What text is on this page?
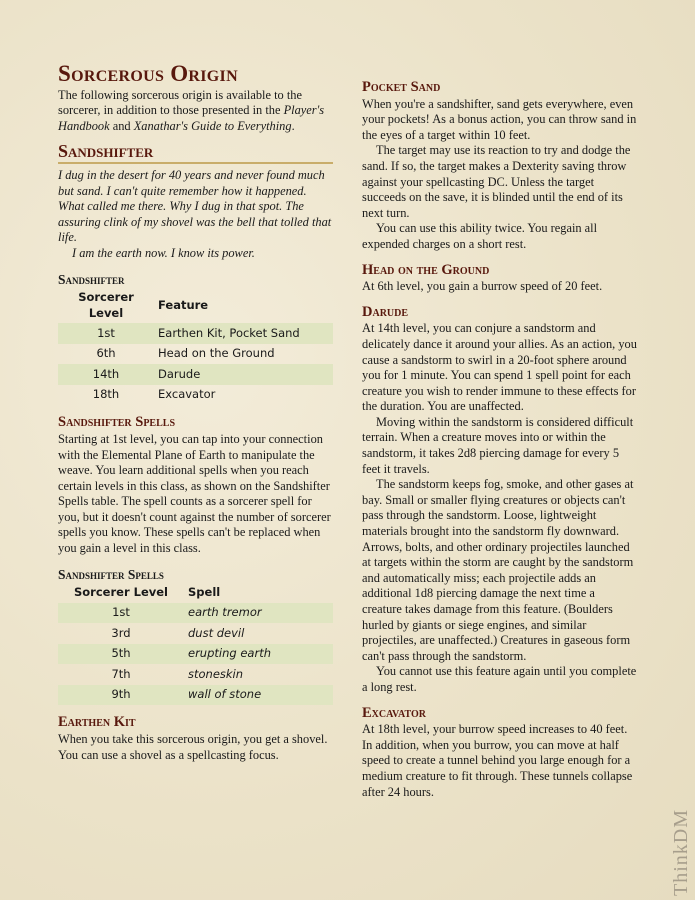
Sorcerous Origin

The following sorcerous origin is available to the sorcerer, in addition to those presented in the Player's Handbook and Xanathar's Guide to Everything.

Sandshifter

I dug in the desert for 40 years and never found much but sand. I can't quite remember how it happened. What called me there. Why I dug in that spot. The assuring clink of my shovel was the bell that tolled that life.

I am the earth now. I know its power.

Sandshifter
Sorcerer Level	Feature
1st	Earthen Kit, Pocket Sand
6th	Head on the Ground
14th	Darude
18th	Excavator
Sandshifter Spells

Starting at 1st level, you can tap into your connection with the Elemental Plane of Earth to manipulate the weave. You learn additional spells when you reach certain levels in this class, as shown on the Sandshifter Spells table. The spell counts as a sorcerer spell for you, but it doesn't count against the number of sorcerer spells you know. These spells can't be replaced when you gain a level in this class.

Sandshifter Spells
Sorcerer Level	Spell
1st	earth tremor
3rd	dust devil
5th	erupting earth
7th	stoneskin
9th	wall of stone
Earthen Kit

When you take this sorcerous origin, you get a shovel. You can use a shovel as a spellcasting focus.

Pocket Sand

When you're a sandshifter, sand gets everywhere, even your pockets! As a bonus action, you can throw sand in the eyes of a target within 10 feet.

The target may use its reaction to try and dodge the sand. If so, the target makes a Dexterity saving throw against your spellcasting DC. Unless the target succeeds on the save, it is blinded until the end of its next turn.

You can use this ability twice. You regain all expended charges on a short rest.

Head on the Ground

At 6th level, you gain a burrow speed of 20 feet.

Darude

At 14th level, you can conjure a sandstorm and delicately dance it around your allies. As an action, you cause a sandstorm to swirl in a 20-foot sphere around you for 1 minute. You can spend 1 spell point for each creature you wish to render immune to these effects for the duration. You are unaffected.

Moving within the sandstorm is considered difficult terrain. When a creature moves into or within the sandstorm, it takes 2d8 piercing damage for every 5 feet it travels.

The sandstorm keeps fog, smoke, and other gases at bay. Small or smaller flying creatures or objects can't pass through the sandstorm. Loose, lightweight materials brought into the sandstorm fly downward. Arrows, bolts, and other ordinary projectiles launched at targets within the storm are caught by the sandstorm and automatically miss; each projectile adds an additional 1d8 piercing damage the next time a creature takes damage from this feature. (Boulders hurled by giants or siege engines, and similar projectiles, are unaffected.) Creatures in gaseous form can't pass through the sandstorm.

You cannot use this feature again until you complete a long rest.

Excavator

At 18th level, your burrow speed increases to 40 feet. In addition, when you burrow, you can move at half speed to create a tunnel behind you large enough for a medium creature to fit through. These tunnels collapse after 24 hours.

ThinkDM
